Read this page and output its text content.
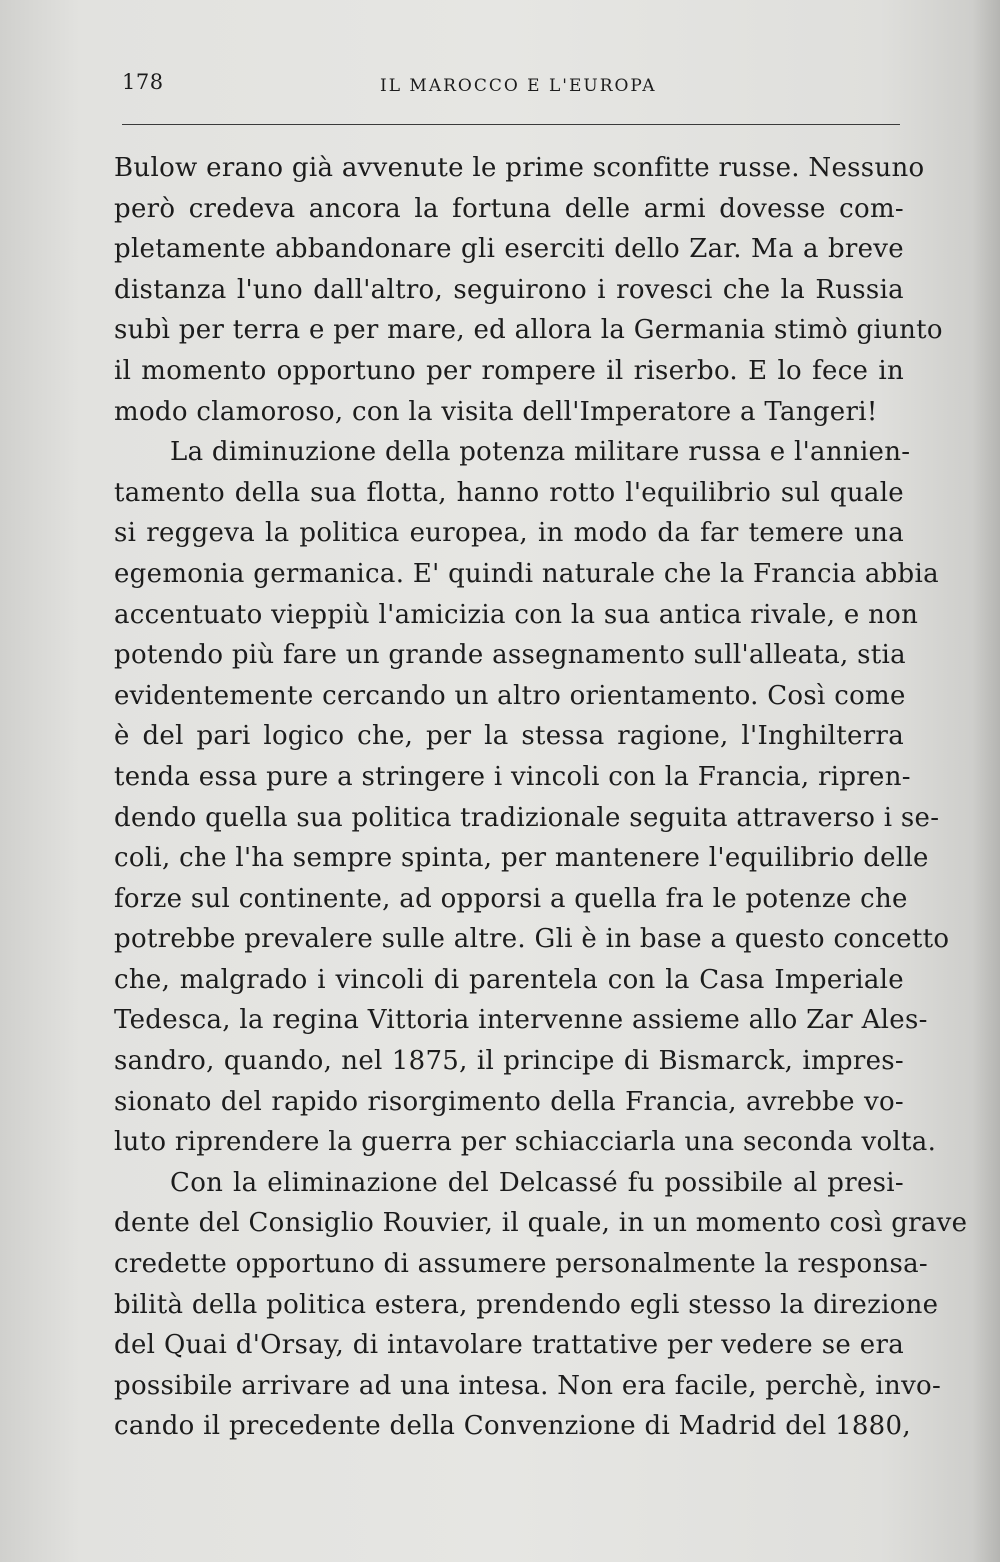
178	IL MAROCCO E L'EUROPA
Bulow erano già avvenute le prime sconfitte russe. Nessuno
però credeva ancora la fortuna delle armi dovesse com-
pletamente abbandonare gli eserciti dello Zar. Ma a breve
distanza l'uno dall'altro, seguirono i rovesci che la Russia
subì per terra e per mare, ed allora la Germania stimò giunto
il momento opportuno per rompere il riserbo. E lo fece in
modo clamoroso, con la visita dell'Imperatore a Tangeri!
La diminuzione della potenza militare russa e l'annien-
tamento della sua flotta, hanno rotto l'equilibrio sul quale
si reggeva la politica europea, in modo da far temere una
egemonia germanica. E' quindi naturale che la Francia abbia
accentuato vieppiù l'amicizia con la sua antica rivale, e non
potendo più fare un grande assegnamento sull'alleata, stia
evidentemente cercando un altro orientamento. Così come
è del pari logico che, per la stessa ragione, l'Inghilterra
tenda essa pure a stringere i vincoli con la Francia, ripren-
dendo quella sua politica tradizionale seguita attraverso i se-
coli, che l'ha sempre spinta, per mantenere l'equilibrio delle
forze sul continente, ad opporsi a quella fra le potenze che
potrebbe prevalere sulle altre. Gli è in base a questo concetto
che, malgrado i vincoli di parentela con la Casa Imperiale
Tedesca, la regina Vittoria intervenne assieme allo Zar Ales-
sandro, quando, nel 1875, il principe di Bismarck, impres-
sionato del rapido risorgimento della Francia, avrebbe vo-
luto riprendere la guerra per schiacciarla una seconda volta.
Con la eliminazione del Delcassé fu possibile al presi-
dente del Consiglio Rouvier, il quale, in un momento così grave
credette opportuno di assumere personalmente la responsa-
bilità della politica estera, prendendo egli stesso la direzione
del Quai d'Orsay, di intavolare trattative per vedere se era
possibile arrivare ad una intesa. Non era facile, perchè, invo-
cando il precedente della Convenzione di Madrid del 1880,
